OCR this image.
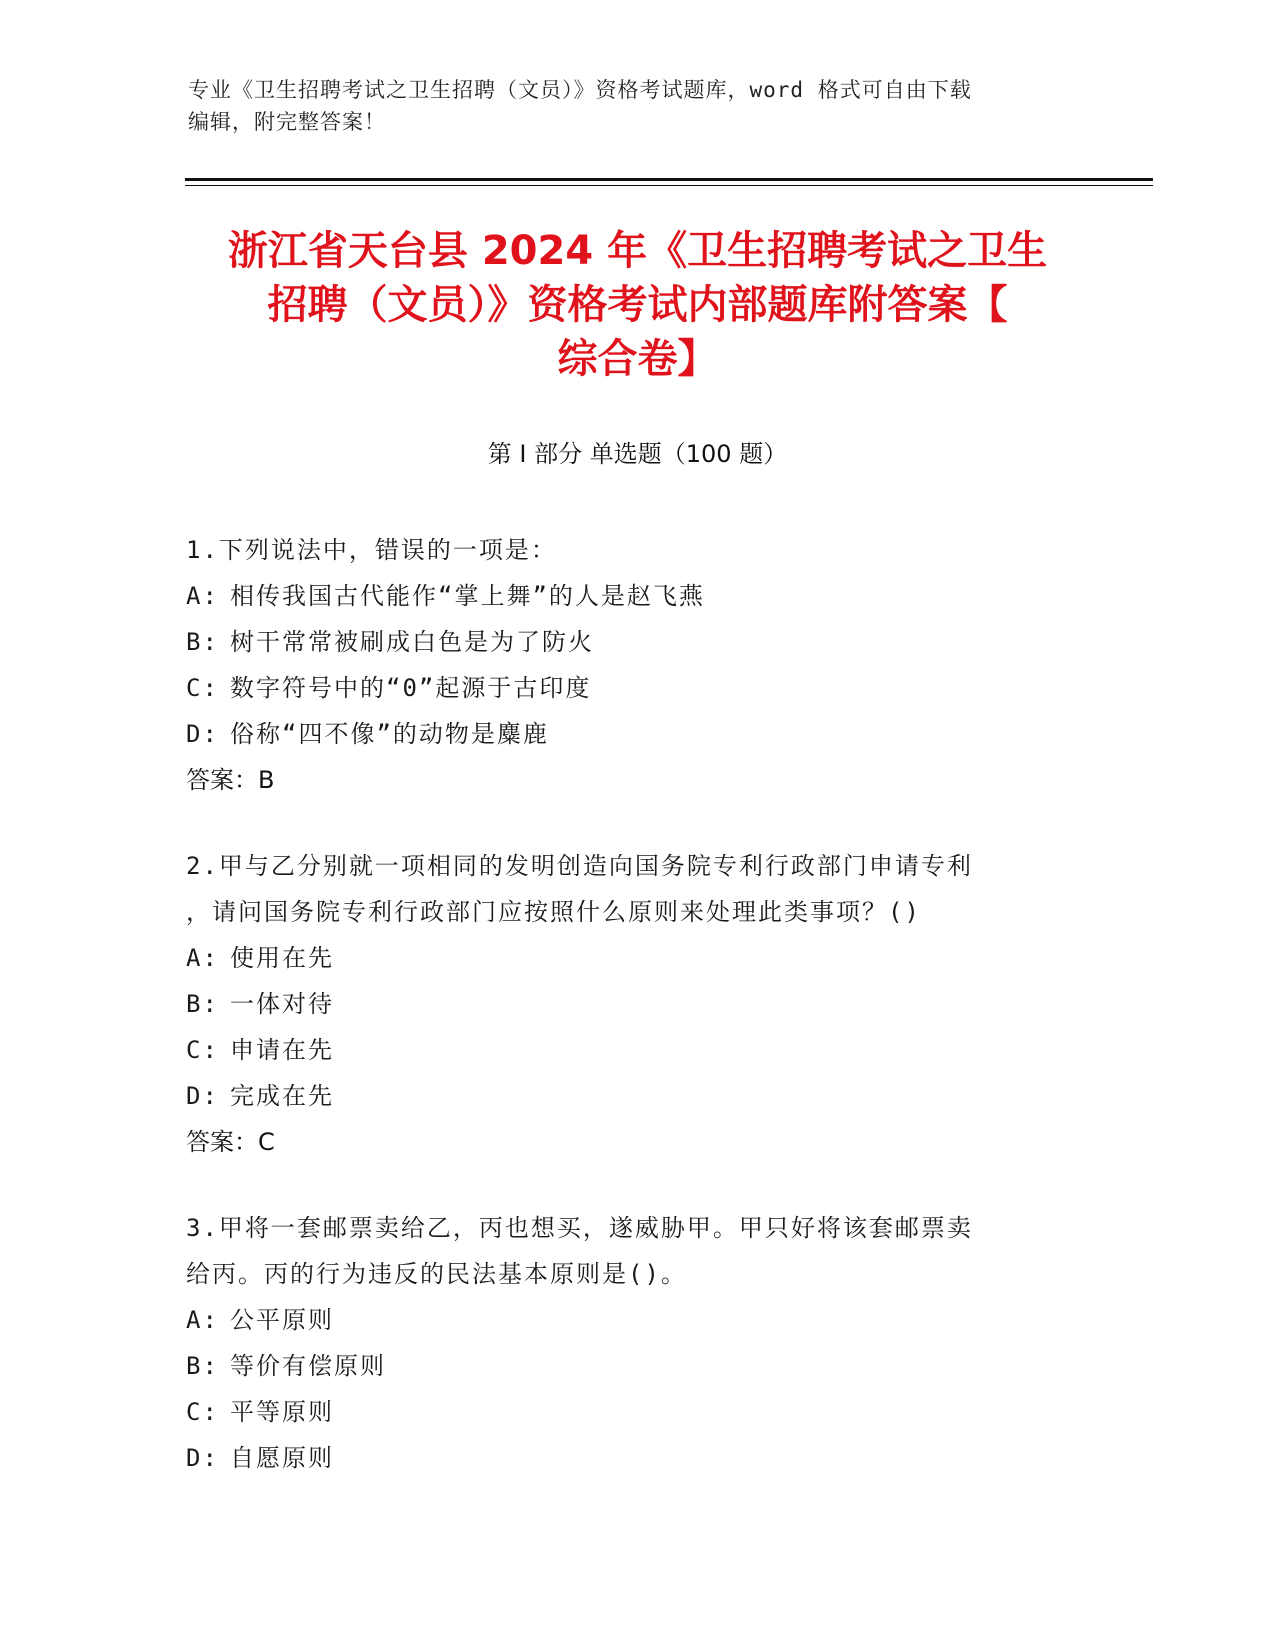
专业《卫生招聘考试之卫生招聘（文员）》资格考试题库，word 格式可自由下载
编辑，附完整答案！
浙江省天台县 2024 年《卫生招聘考试之卫生
招聘（文员）》资格考试内部题库附答案【
综合卷】
第 I 部分 单选题（100 题）
1.下列说法中，错误的一项是：
A: 相传我国古代能作“掌上舞”的人是赵飞燕
B: 树干常常被刷成白色是为了防火
C: 数字符号中的“0”起源于古印度
D: 俗称“四不像”的动物是麋鹿
答案：B
2.甲与乙分别就一项相同的发明创造向国务院专利行政部门申请专利
，请问国务院专利行政部门应按照什么原则来处理此类事项？()
A: 使用在先
B: 一体对待
C: 申请在先
D: 完成在先
答案：C
3.甲将一套邮票卖给乙，丙也想买，遂威胁甲。甲只好将该套邮票卖
给丙。丙的行为违反的民法基本原则是()。
A: 公平原则
B: 等价有偿原则
C: 平等原则
D: 自愿原则
